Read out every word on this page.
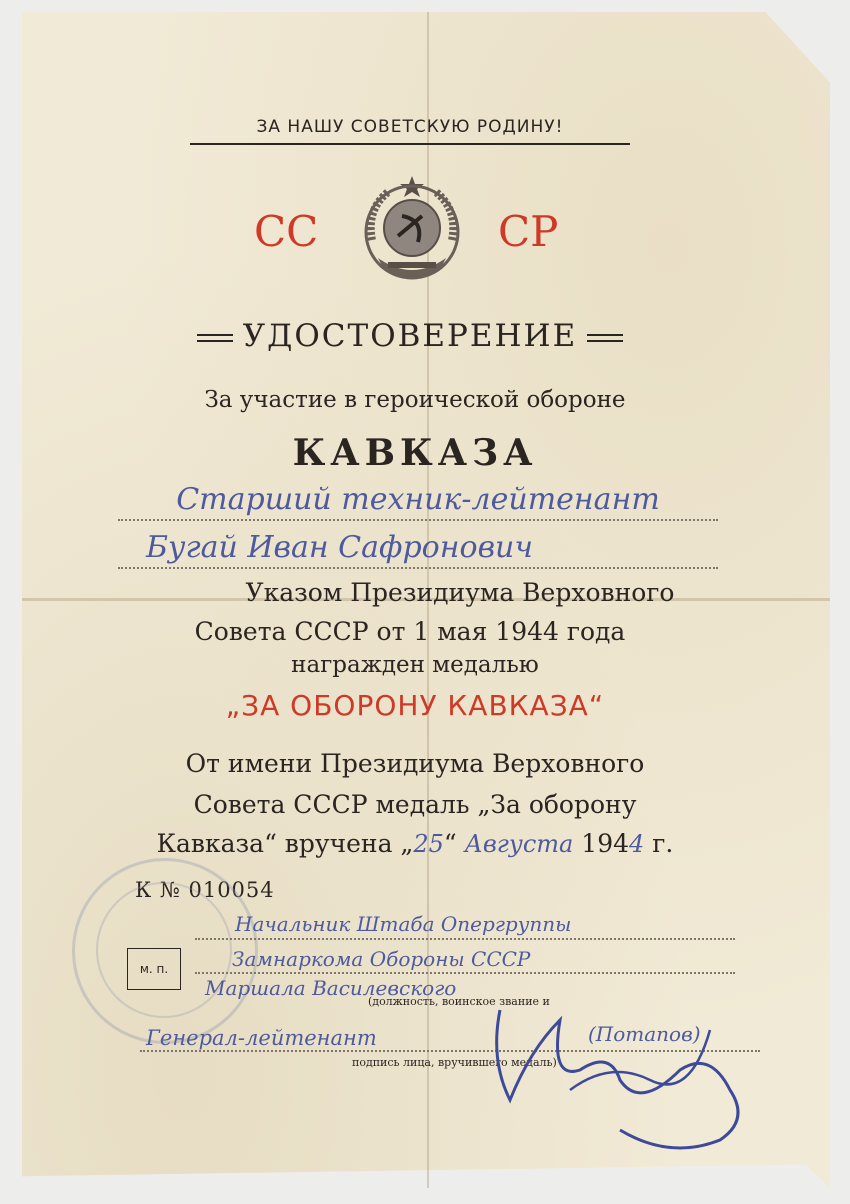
ЗА НАШУ СОВЕТСКУЮ РОДИНУ!
СС	СР
УДОСТОВЕРЕНИЕ
За участие в героической обороне
КАВКАЗА
Старший техник-лейтенант
Бугай Иван Сафронович
Указом Президиума Верховного
Совета СССР от 1 мая 1944 года
награжден медалью
„ЗА ОБОРОНУ КАВКАЗА“
От имени Президиума Верховного
Совета СССР медаль „За оборону
Кавказа“ вручена „25“ Августа 1944 г.
К № 010054
м. п.
Начальник Штаба Опергруппы
Замнаркома Обороны СССР
Маршала Василевского
(должность, воинское звание и
Генерал-лейтенант	(Потапов)
подпись лица, вручившего медаль)
